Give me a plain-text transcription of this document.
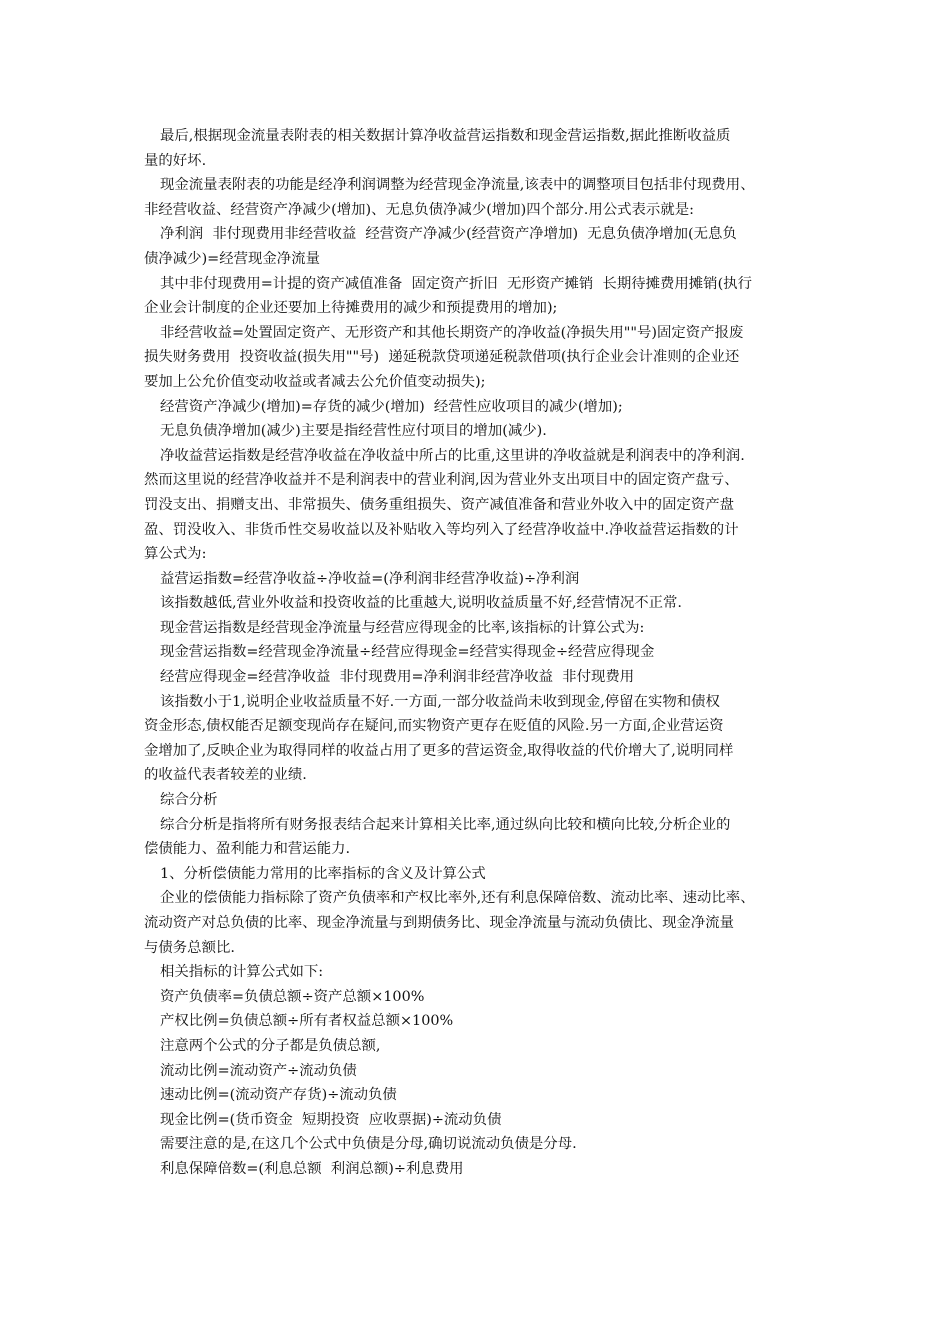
最后,根据现金流量表附表的相关数据计算净收益营运指数和现金营运指数,据此推断收益质
量的好坏.
现金流量表附表的功能是经净利润调整为经营现金净流量,该表中的调整项目包括非付现费用、
非经营收益、经营资产净减少(增加)、无息负债净减少(增加)四个部分.用公式表示就是:
净利润  非付现费用非经营收益  经营资产净减少(经营资产净增加)  无息负债净增加(无息负
债净减少)=经营现金净流量
其中非付现费用=计提的资产减值准备  固定资产折旧  无形资产摊销  长期待摊费用摊销(执行
企业会计制度的企业还要加上待摊费用的减少和预提费用的增加);
非经营收益=处置固定资产、无形资产和其他长期资产的净收益(净损失用""号)固定资产报废
损失财务费用  投资收益(损失用""号)  递延税款贷项递延税款借项(执行企业会计准则的企业还
要加上公允价值变动收益或者减去公允价值变动损失);
经营资产净减少(增加)=存货的减少(增加)  经营性应收项目的减少(增加);
无息负债净增加(减少)主要是指经营性应付项目的增加(减少).
净收益营运指数是经营净收益在净收益中所占的比重,这里讲的净收益就是利润表中的净利润.
然而这里说的经营净收益并不是利润表中的营业利润,因为营业外支出项目中的固定资产盘亏、
罚没支出、捐赠支出、非常损失、债务重组损失、资产减值准备和营业外收入中的固定资产盘
盈、罚没收入、非货币性交易收益以及补贴收入等均列入了经营净收益中.净收益营运指数的计
算公式为:
益营运指数=经营净收益÷净收益=(净利润非经营净收益)÷净利润
该指数越低,营业外收益和投资收益的比重越大,说明收益质量不好,经营情况不正常.
现金营运指数是经营现金净流量与经营应得现金的比率,该指标的计算公式为:
现金营运指数=经营现金净流量÷经营应得现金=经营实得现金÷经营应得现金
经营应得现金=经营净收益  非付现费用=净利润非经营净收益  非付现费用
该指数小于1,说明企业收益质量不好.一方面,一部分收益尚未收到现金,停留在实物和债权
资金形态,债权能否足额变现尚存在疑问,而实物资产更存在贬值的风险.另一方面,企业营运资
金增加了,反映企业为取得同样的收益占用了更多的营运资金,取得收益的代价增大了,说明同样
的收益代表者较差的业绩.
综合分析
综合分析是指将所有财务报表结合起来计算相关比率,通过纵向比较和横向比较,分析企业的
偿债能力、盈利能力和营运能力.
1、分析偿债能力常用的比率指标的含义及计算公式
企业的偿债能力指标除了资产负债率和产权比率外,还有利息保障倍数、流动比率、速动比率、
流动资产对总负债的比率、现金净流量与到期债务比、现金净流量与流动负债比、现金净流量
与债务总额比.
相关指标的计算公式如下:
资产负债率=负债总额÷资产总额×100%
产权比例=负债总额÷所有者权益总额×100%
注意两个公式的分子都是负债总额,
流动比例=流动资产÷流动负债
速动比例=(流动资产存货)÷流动负债
现金比例=(货币资金  短期投资  应收票据)÷流动负债
需要注意的是,在这几个公式中负债是分母,确切说流动负债是分母.
利息保障倍数=(利息总额  利润总额)÷利息费用
